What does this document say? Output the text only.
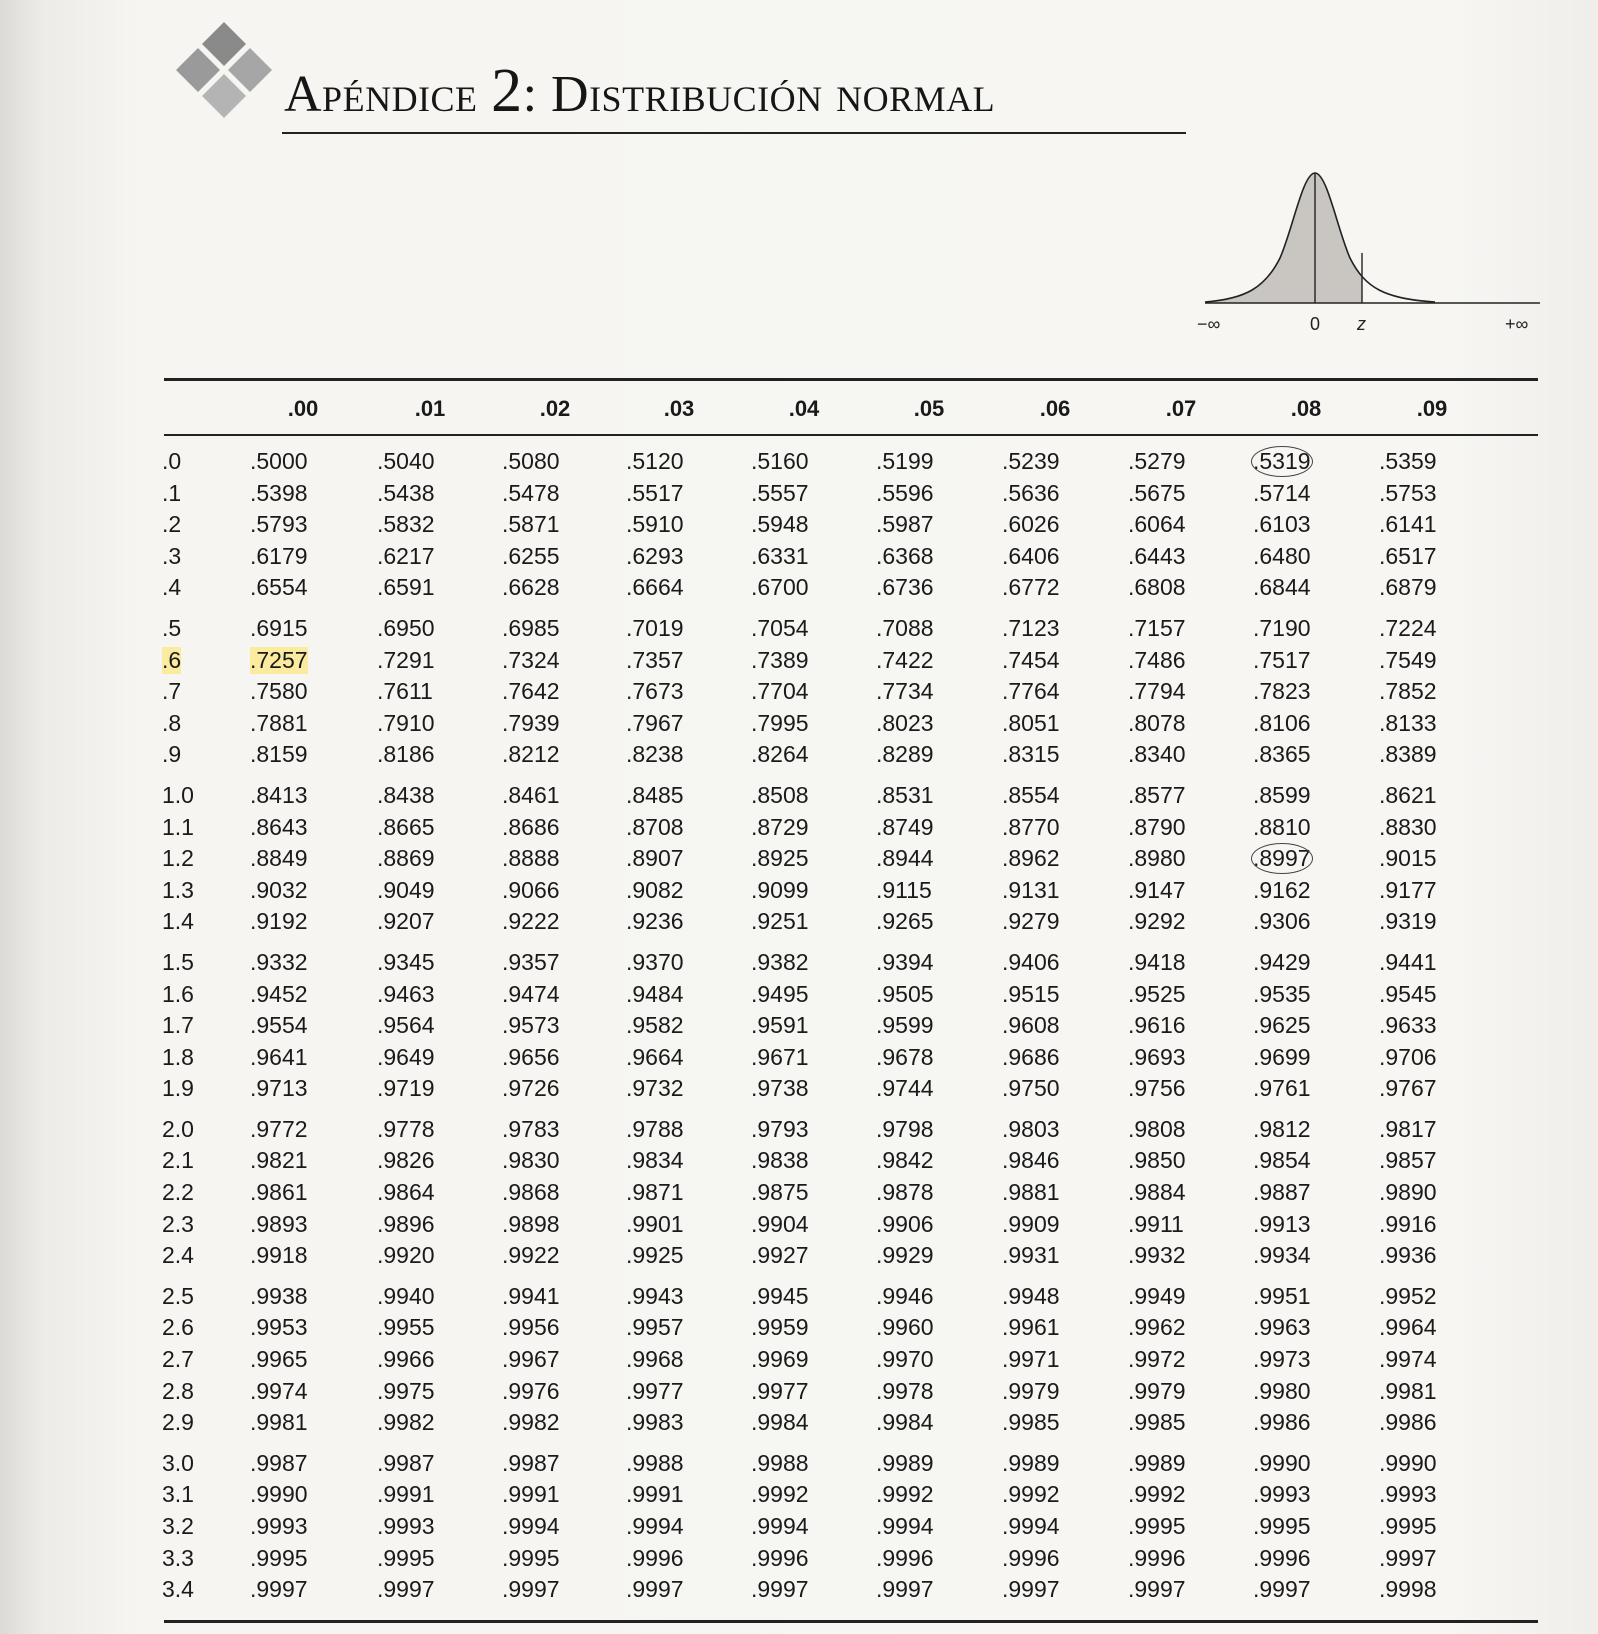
Apéndice 2: Distribución normal
−∞	0 z	+∞
.00	.01	.02	.03	.04	.05	.06	.07	.08	.09
.0	.5000	.5040	.5080	.5120	.5160	.5199	.5239	.5279	.5319	.5359
.1	.5398	.5438	.5478	.5517	.5557	.5596	.5636	.5675	.5714	.5753
.2	.5793	.5832	.5871	.5910	.5948	.5987	.6026	.6064	.6103	.6141
.3	.6179	.6217	.6255	.6293	.6331	.6368	.6406	.6443	.6480	.6517
.4	.6554	.6591	.6628	.6664	.6700	.6736	.6772	.6808	.6844	.6879
.5	.6915	.6950	.6985	.7019	.7054	.7088	.7123	.7157	.7190	.7224
.6	.7257	.7291	.7324	.7357	.7389	.7422	.7454	.7486	.7517	.7549
.7	.7580	.7611	.7642	.7673	.7704	.7734	.7764	.7794	.7823	.7852
.8	.7881	.7910	.7939	.7967	.7995	.8023	.8051	.8078	.8106	.8133
.9	.8159	.8186	.8212	.8238	.8264	.8289	.8315	.8340	.8365	.8389
1.0 .8413	.8438	.8461	.8485	.8508	.8531	.8554	.8577	.8599	.8621
1.1 .8643	.8665	.8686	.8708	.8729	.8749	.8770	.8790	.8810	.8830
1.2 .8849	.8869	.8888	.8907	.8925	.8944	.8962	.8980	.8997	.9015
1.3 .9032	.9049	.9066	.9082	.9099	.9115	.9131	.9147	.9162	.9177
1.4 .9192	.9207	.9222	.9236	.9251	.9265	.9279	.9292	.9306	.9319
1.5 .9332	.9345	.9357	.9370	.9382	.9394	.9406	.9418	.9429	.9441
1.6 .9452	.9463	.9474	.9484	.9495	.9505	.9515	.9525	.9535	.9545
1.7 .9554	.9564	.9573	.9582	.9591	.9599	.9608	.9616	.9625	.9633
1.8 .9641	.9649	.9656	.9664	.9671	.9678	.9686	.9693	.9699	.9706
1.9 .9713	.9719	.9726	.9732	.9738	.9744	.9750	.9756	.9761	.9767
2.0 .9772	.9778	.9783	.9788	.9793	.9798	.9803	.9808	.9812	.9817
2.1 .9821	.9826	.9830	.9834	.9838	.9842	.9846	.9850	.9854	.9857
2.2 .9861	.9864	.9868	.9871	.9875	.9878	.9881	.9884	.9887	.9890
2.3 .9893	.9896	.9898	.9901	.9904	.9906	.9909	.9911	.9913	.9916
2.4 .9918	.9920	.9922	.9925	.9927	.9929	.9931	.9932	.9934	.9936
2.5 .9938	.9940	.9941	.9943	.9945	.9946	.9948	.9949	.9951	.9952
2.6 .9953	.9955	.9956	.9957	.9959	.9960	.9961	.9962	.9963	.9964
2.7 .9965	.9966	.9967	.9968	.9969	.9970	.9971	.9972	.9973	.9974
2.8 .9974	.9975	.9976	.9977	.9977	.9978	.9979	.9979	.9980	.9981
2.9 .9981	.9982	.9982	.9983	.9984	.9984	.9985	.9985	.9986	.9986
3.0 .9987	.9987	.9987	.9988	.9988	.9989	.9989	.9989	.9990	.9990
3.1 .9990	.9991	.9991	.9991	.9992	.9992	.9992	.9992	.9993	.9993
3.2 .9993	.9993	.9994	.9994	.9994	.9994	.9994	.9995	.9995	.9995
3.3 .9995	.9995	.9995	.9996	.9996	.9996	.9996	.9996	.9996	.9997
3.4 .9997	.9997	.9997	.9997	.9997	.9997	.9997	.9997	.9997	.9998
